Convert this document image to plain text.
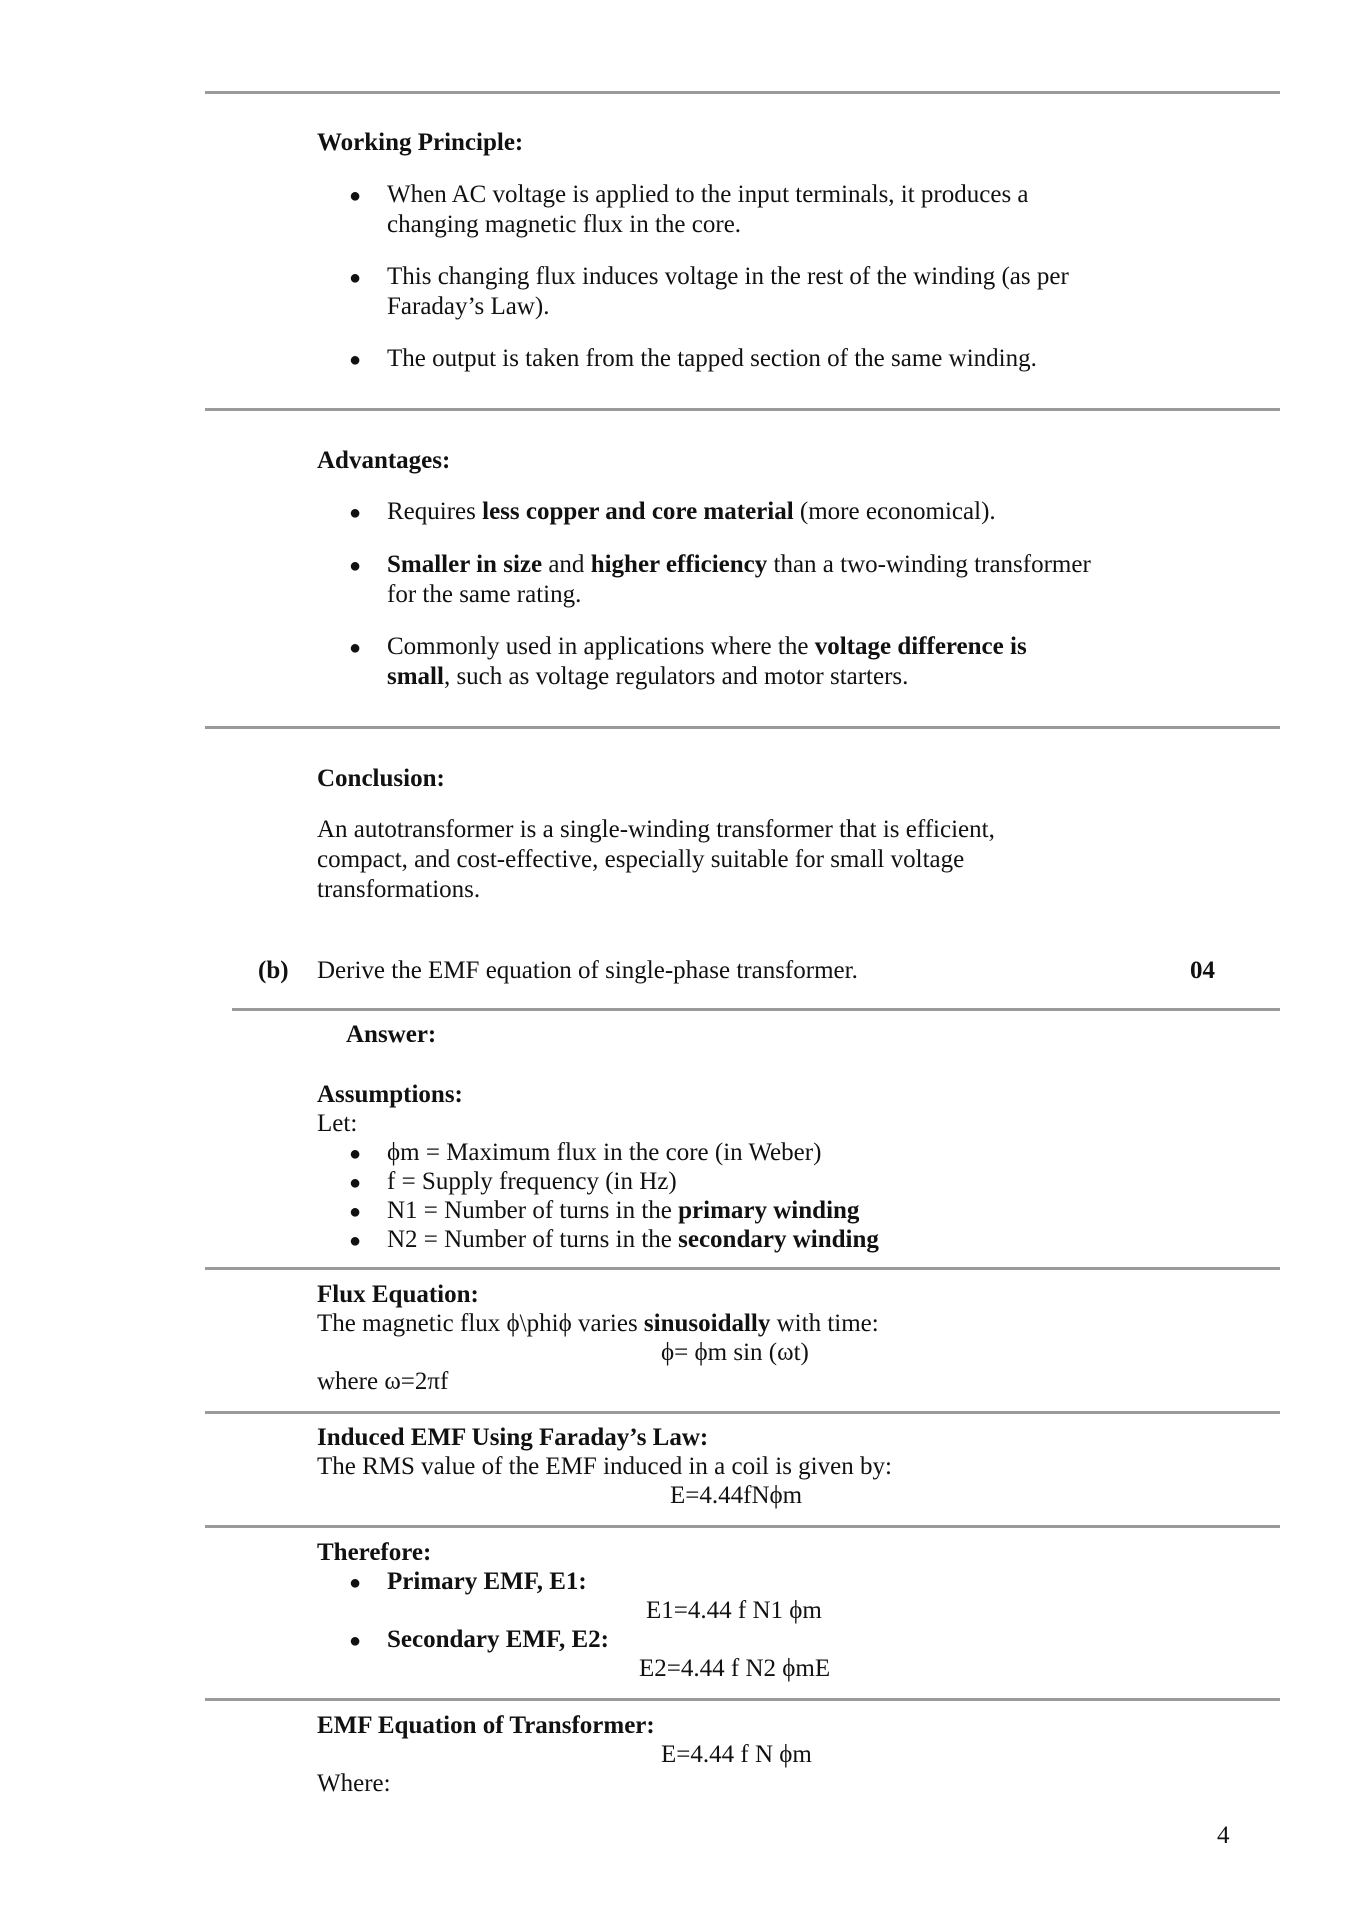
Working Principle:
● When AC voltage is applied to the input terminals, it produces a
changing magnetic flux in the core.
● This changing flux induces voltage in the rest of the winding (as per
Faraday’s Law).
● The output is taken from the tapped section of the same winding.
Advantages:
● Requires less copper and core material (more economical).
● Smaller in size and higher efficiency than a two-winding transformer
for the same rating.
● Commonly used in applications where the voltage difference is
small, such as voltage regulators and motor starters.
Conclusion:
An autotransformer is a single-winding transformer that is efficient,
compact, and cost-effective, especially suitable for small voltage
transformations.
(b) Derive the EMF equation of single-phase transformer.	04
Answer:
Assumptions:
Let:
● ϕm = Maximum flux in the core (in Weber)
● f = Supply frequency (in Hz)
● N1 = Number of turns in the primary winding
● N2 = Number of turns in the secondary winding
Flux Equation:
The magnetic flux ϕ\phiϕ varies sinusoidally with time:
ϕ= ϕm sin (ωt)
where ω=2πf
Induced EMF Using Faraday’s Law:
The RMS value of the EMF induced in a coil is given by:
E=4.44fNϕm
Therefore:
● Primary EMF, E1:
E1=4.44 f N1 ϕm
● Secondary EMF, E2:
E2=4.44 f N2 ϕmE
EMF Equation of Transformer:
E=4.44 f N ϕm
Where:
4
